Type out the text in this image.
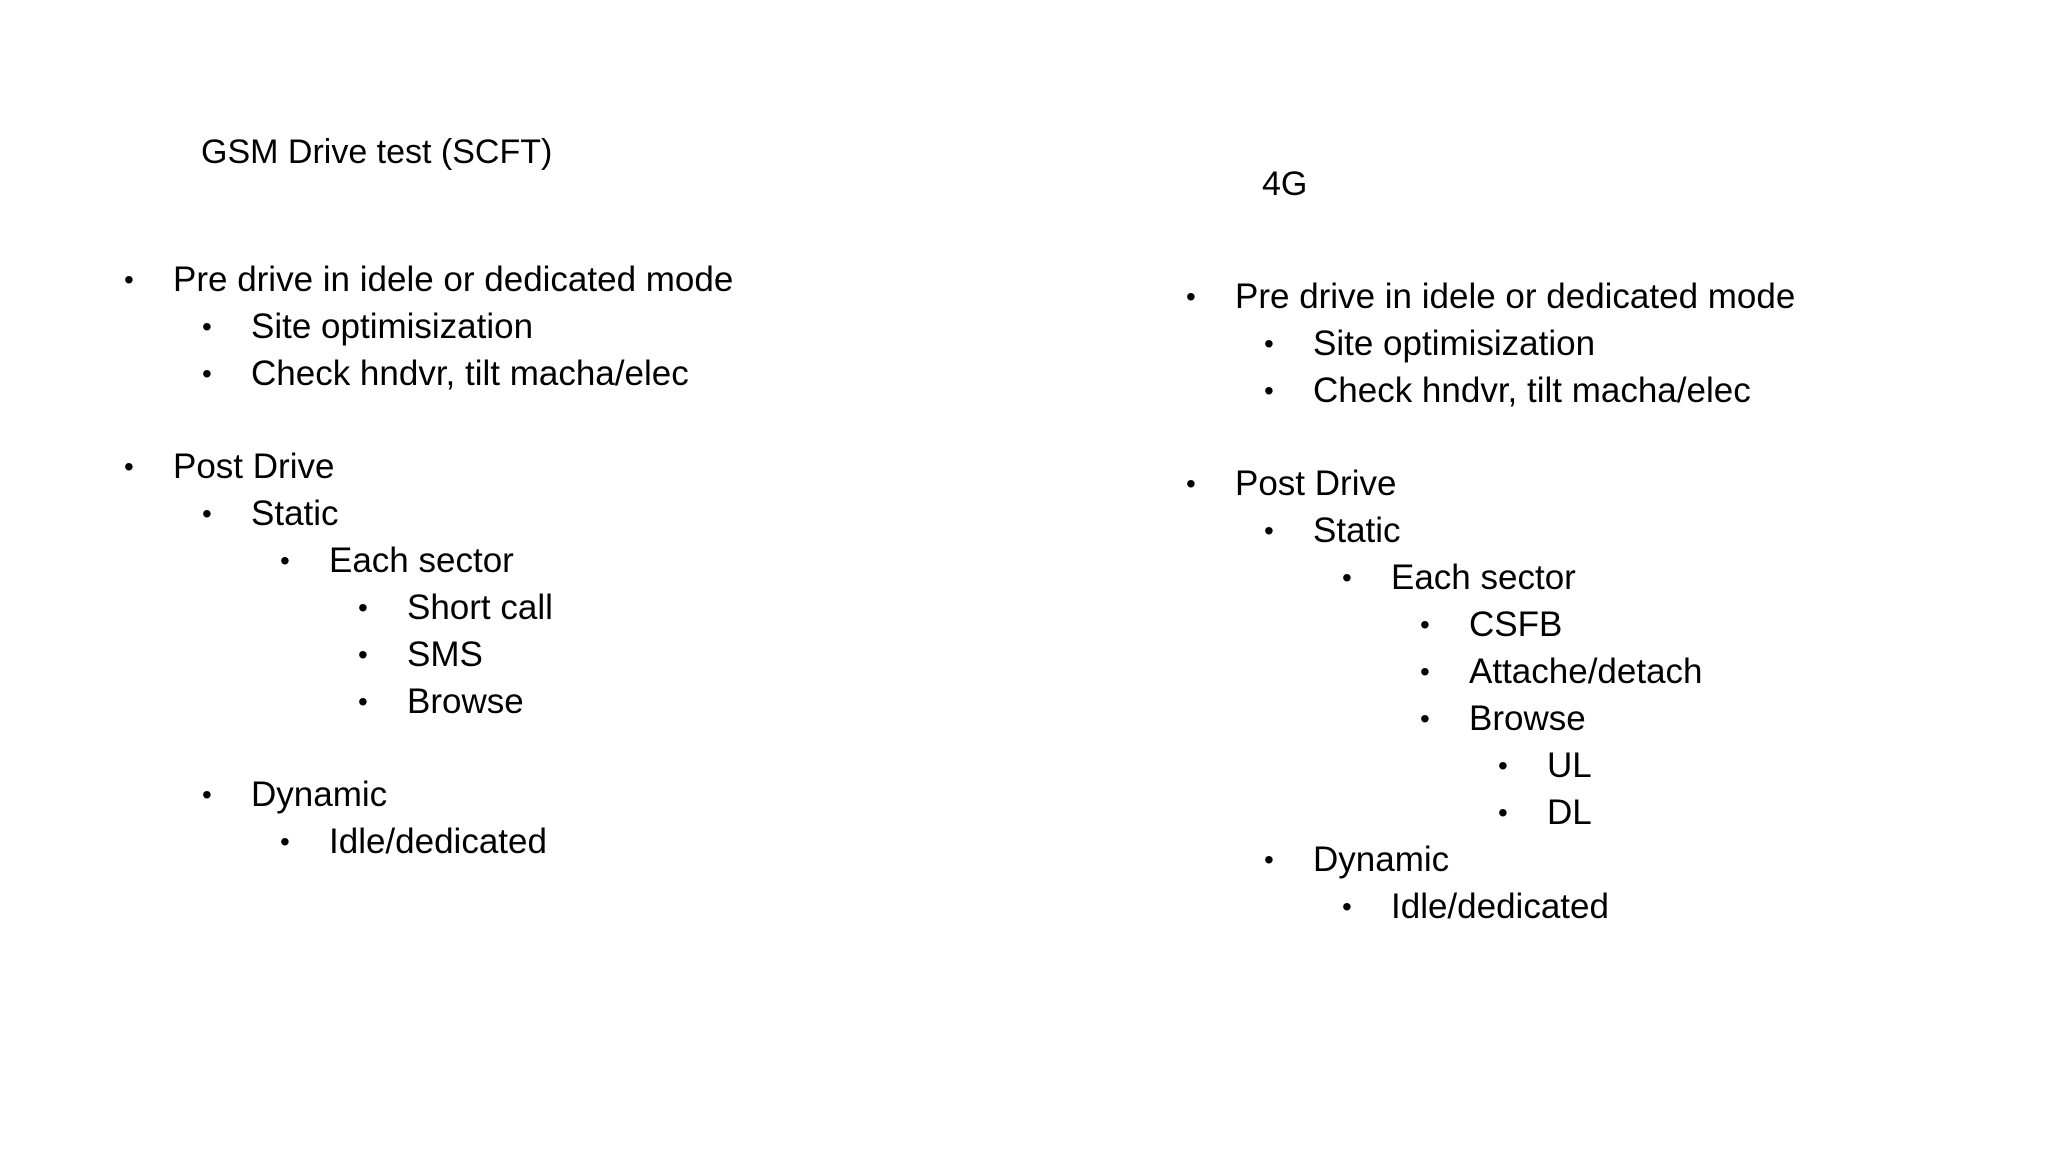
GSM Drive test (SCFT)
4G
• Pre drive in idele or dedicated mode
• Site optimisization
• Check hndvr, tilt macha/elec
• Post Drive
• Static
• Each sector
• Short call
• SMS
• Browse
• Dynamic
• Idle/dedicated
• Pre drive in idele or dedicated mode
• Site optimisization
• Check hndvr, tilt macha/elec
• Post Drive
• Static
• Each sector
• CSFB
• Attache/detach
• Browse
• UL
• DL
• Dynamic
• Idle/dedicated
